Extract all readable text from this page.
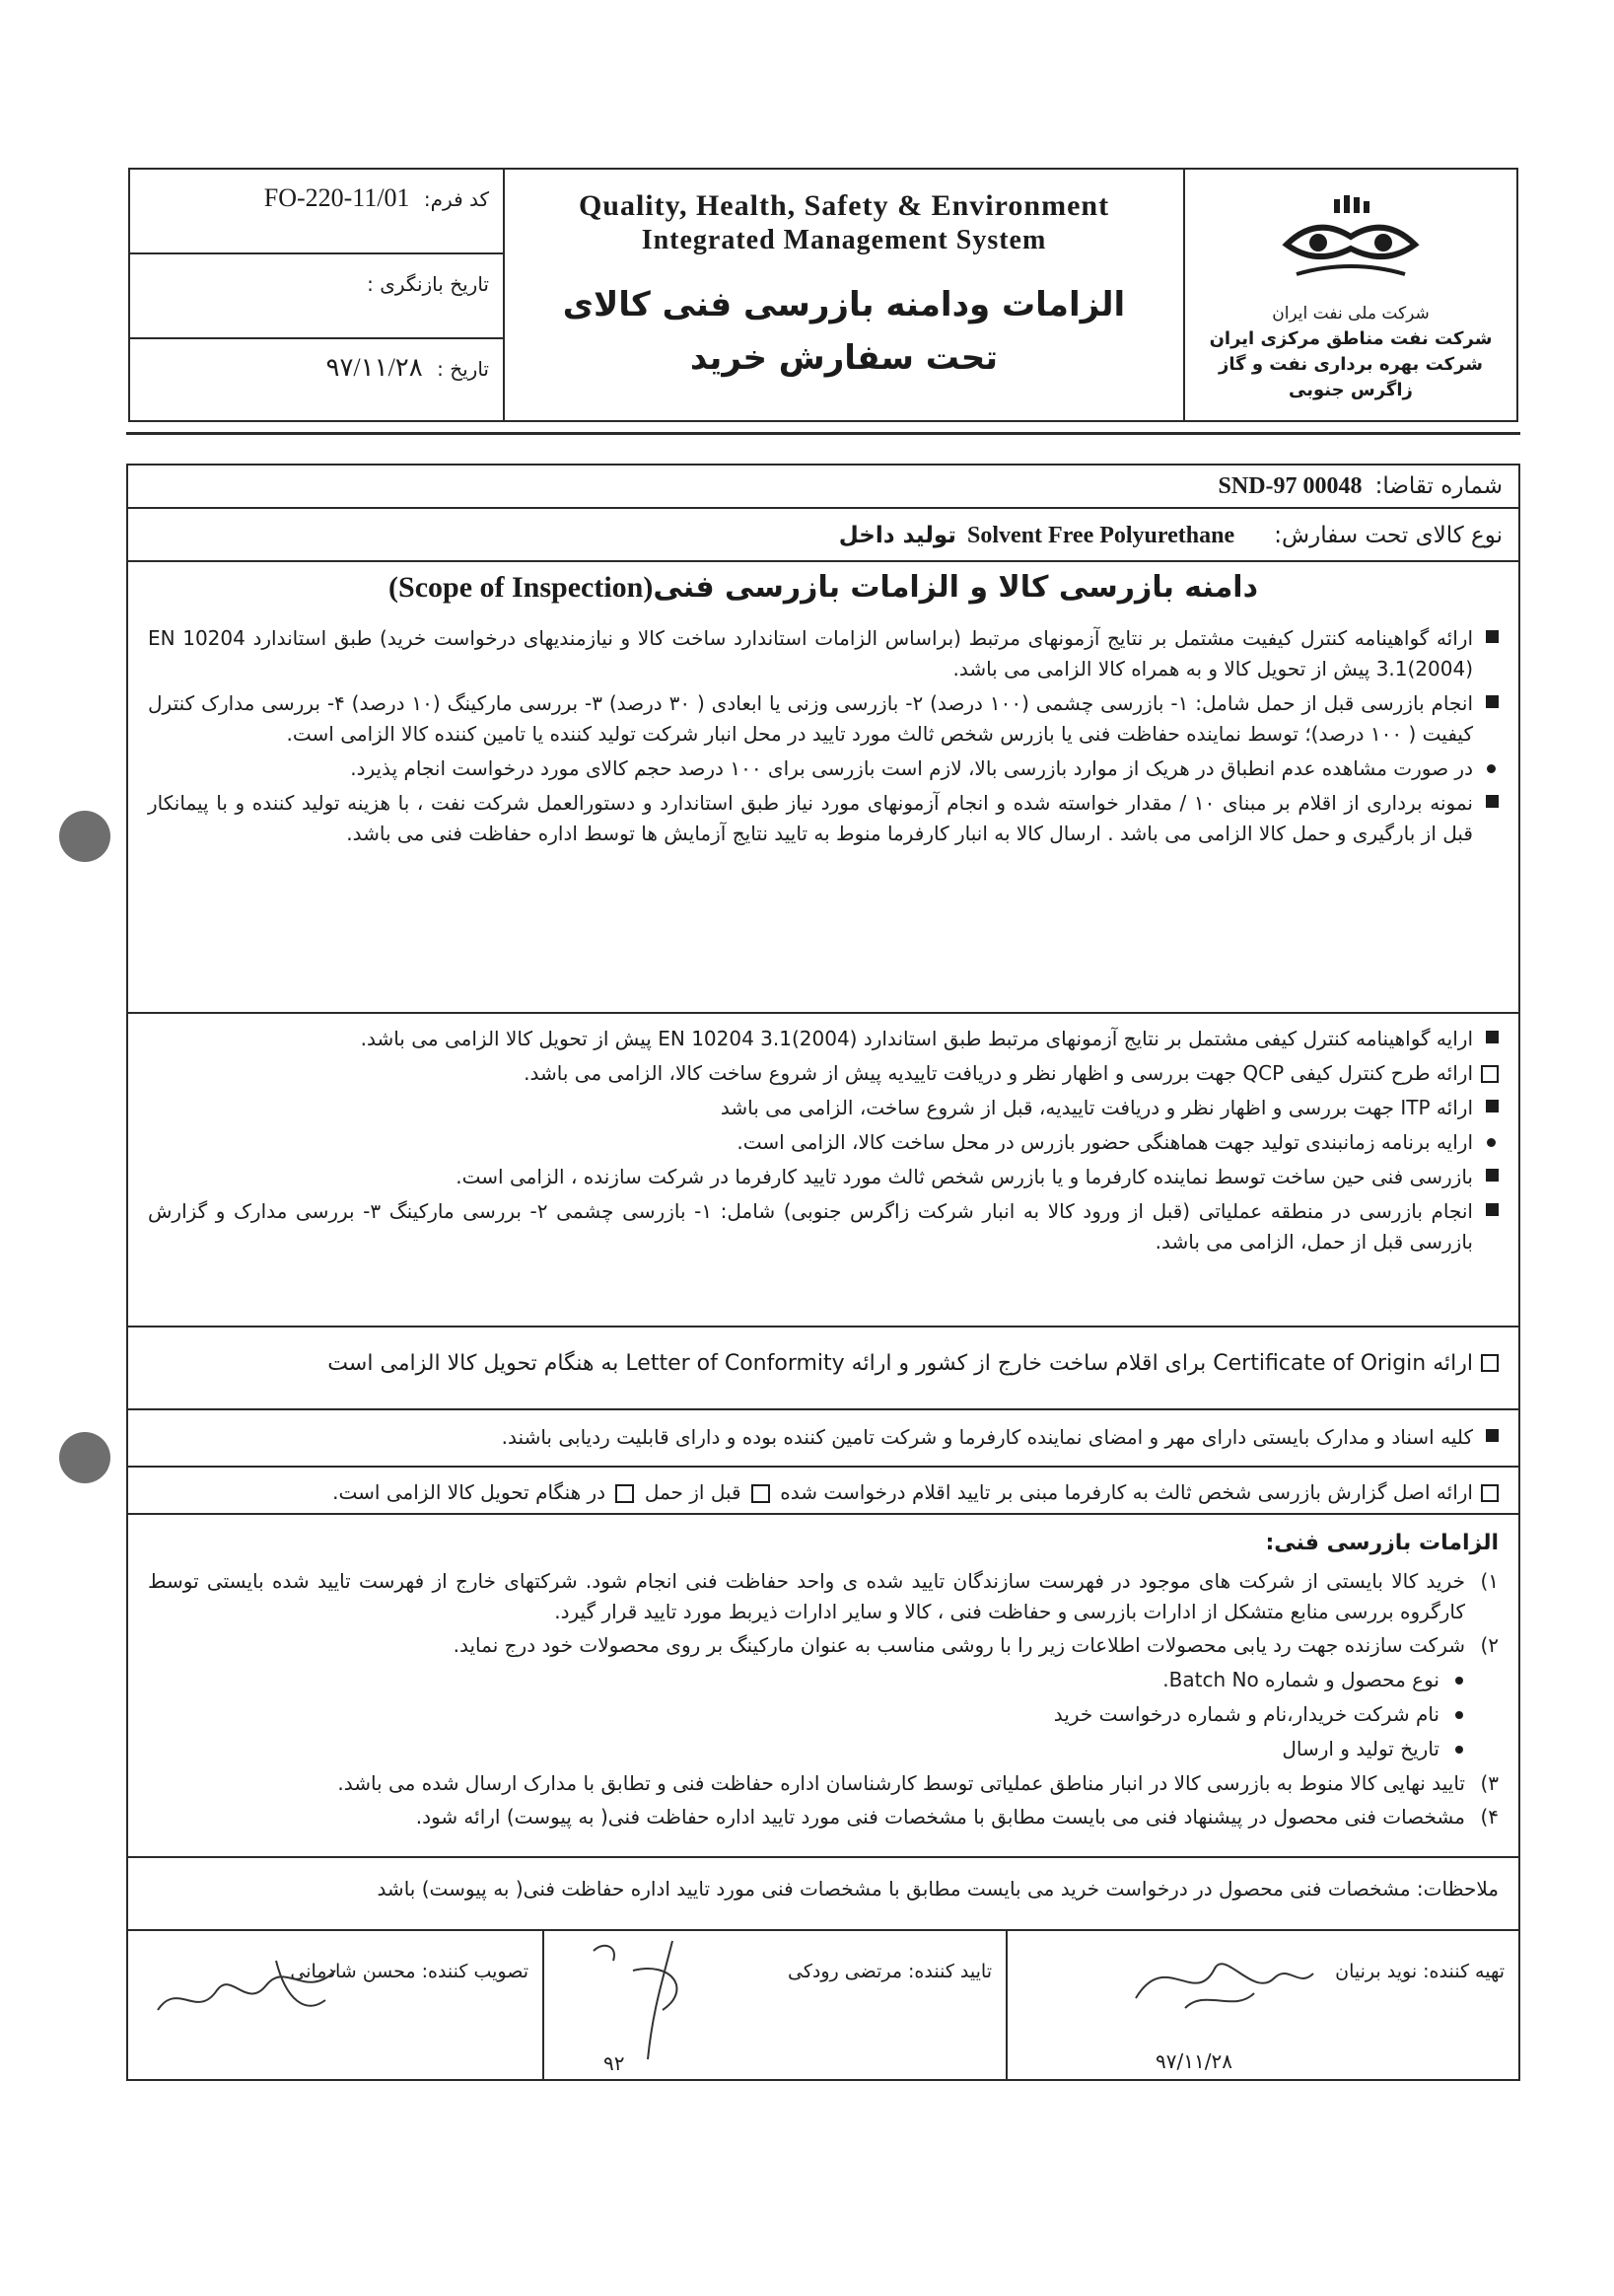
کد فرم: FO-220-11/01
تاریخ بازنگری :
تاریخ : ۹۷/۱۱/۲۸
Quality, Health, Safety & Environment
Integrated Management System
الزامات ودامنه بازرسی فنی کالای تحت سفارش خرید
شرکت ملی نفت ایران
شرکت نفت مناطق مرکزی ایران
شرکت بهره برداری نفت و گاز زاگرس جنوبی
شماره تقاضا: SND-97 00048
نوع کالای تحت سفارش:  Solvent Free Polyurethane تولید داخل
دامنه بازرسی کالا و الزامات بازرسی فنی(Scope of Inspection)
ارائه گواهینامه کنترل کیفیت مشتمل بر نتایج آزمونهای مرتبط (براساس الزامات استاندارد ساخت کالا و نیازمندیهای درخواست خرید) طبق استاندارد EN 10204 3.1(2004) پیش از تحویل کالا و به همراه کالا الزامی می باشد.
انجام بازرسی قبل از حمل شامل: ۱- بازرسی چشمی (۱۰۰ درصد) ۲- بازرسی وزنی یا ابعادی ( ۳۰ درصد) ۳- بررسی مارکینگ (۱۰ درصد) ۴- بررسی مدارک کنترل کیفیت ( ۱۰۰ درصد)؛ توسط نماینده حفاظت فنی یا بازرس شخص ثالث مورد تایید در محل انبار شرکت تولید کننده یا تامین کننده کالا الزامی است.
در صورت مشاهده عدم انطباق در هریک از موارد بازرسی بالا، لازم است بازرسی برای ۱۰۰ درصد حجم کالای مورد درخواست انجام پذیرد.
نمونه برداری از اقلام بر مبنای ۱۰ / مقدار خواسته شده و انجام آزمونهای مورد نیاز طبق استاندارد و دستورالعمل شرکت نفت ، با هزینه تولید کننده و با پیمانکار قبل از بارگیری و حمل کالا الزامی می باشد . ارسال کالا به انبار کارفرما منوط به تایید نتایج آزمایش ها توسط اداره حفاظت فنی می باشد.
ارایه گواهینامه کنترل کیفی مشتمل بر نتایج آزمونهای مرتبط طبق استاندارد EN 10204 3.1(2004) پیش از تحویل کالا الزامی می باشد.
ارائه طرح کنترل کیفی QCP جهت بررسی و اظهار نظر و دریافت تاییدیه پیش از شروع ساخت کالا، الزامی می باشد.
ارائه ITP جهت بررسی و اظهار نظر و دریافت تاییدیه، قبل از شروع ساخت، الزامی می باشد
ارایه برنامه زمانبندی تولید جهت هماهنگی حضور بازرس در محل ساخت کالا، الزامی است.
بازرسی فنی حین ساخت توسط نماینده کارفرما و یا بازرس شخص ثالث مورد تایید کارفرما در شرکت سازنده ، الزامی است.
انجام بازرسی در منطقه عملیاتی (قبل از ورود کالا به انبار شرکت زاگرس جنوبی) شامل: ۱- بازرسی چشمی ۲- بررسی مارکینگ ۳- بررسی مدارک و گزارش بازرسی قبل از حمل، الزامی می باشد.
ارائه Certificate of Origin برای اقلام ساخت خارج از کشور و ارائه Letter of Conformity به هنگام تحویل کالا الزامی است
کلیه اسناد و مدارک بایستی دارای مهر و امضای نماینده کارفرما و شرکت تامین کننده بوده و دارای قابلیت ردیابی باشند.
ارائه اصل گزارش بازرسی شخص ثالث به کارفرما مبنی بر تایید اقلام درخواست شده  قبل از حمل  در هنگام تحویل کالا الزامی است.
الزامات بازرسی فنی:
۱)
خرید کالا بایستی از شرکت های موجود در فهرست سازندگان تایید شده ی واحد حفاظت فنی انجام شود. شرکتهای خارج از فهرست تایید شده بایستی توسط کارگروه بررسی منابع متشکل از ادارات بازرسی و حفاظت فنی ، کالا و سایر ادارات ذیربط مورد تایید قرار گیرد.
۲)
شرکت سازنده جهت رد یابی محصولات اطلاعات زیر را با روشی مناسب به عنوان مارکینگ بر روی محصولات خود درج نماید.
نوع محصول و شماره Batch No.
نام شرکت خریدار،نام و شماره درخواست خرید
تاریخ تولید و ارسال
۳)
تایید نهایی کالا منوط به بازرسی کالا در انبار مناطق عملیاتی توسط کارشناسان اداره حفاظت فنی و تطابق با مدارک ارسال شده می باشد.
۴)
مشخصات فنی محصول در پیشنهاد فنی می بایست مطابق با مشخصات فنی مورد تایید اداره حفاظت فنی( به پیوست) ارائه شود.
ملاحظات: مشخصات فنی محصول در درخواست خرید می بایست مطابق با مشخصات فنی مورد تایید اداره حفاظت فنی( به پیوست) باشد
تهیه کننده: نوید برنیان
۹۷/۱۱/۲۸
تایید کننده: مرتضی رودکی
۹۲
تصویب کننده: محسن شادمانی
